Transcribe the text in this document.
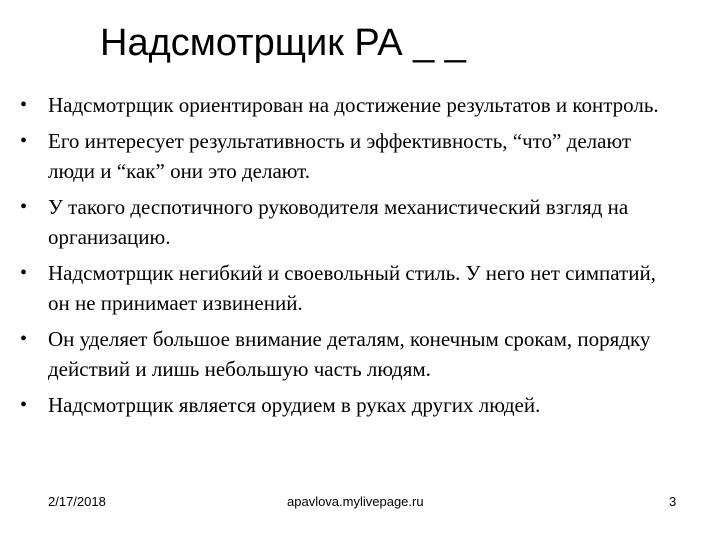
Надсмотрщик РА _ _
• Надсмотрщик ориентирован на достижение результатов и контроль.
• Его интересует результативность и эффективность, “что” делают люди и “как” они это делают.
• У такого деспотичного руководителя механистический взгляд на организацию.
• Надсмотрщик негибкий и своевольный стиль. У него нет симпатий, он не принимает извинений.
• Он уделяет большое внимание деталям, конечным срокам, порядку действий и лишь небольшую часть людям.
• Надсмотрщик является орудием в руках других людей.
2/17/2018	apavlova.mylivepage.ru	3
